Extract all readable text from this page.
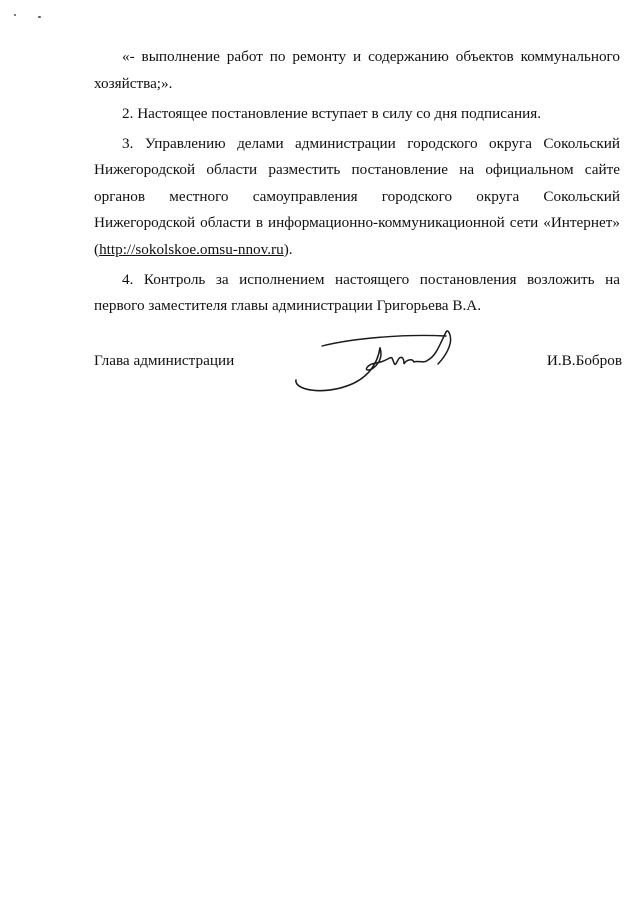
«- выполнение работ по ремонту и содержанию объектов коммунального хозяйства;».

2. Настоящее постановление вступает в силу со дня подписания.

3. Управлению делами администрации городского округа Сокольский Нижегородской области разместить постановление на официальном сайте органов местного самоуправления городского округа Сокольский Нижегородской области в информационно-коммуникационной сети «Интернет» (http://sokolskoe.omsu-nnov.ru).

4. Контроль за исполнением настоящего постановления возложить на первого заместителя главы администрации Григорьева В.А.

Глава администрации	И.В.Бобров
